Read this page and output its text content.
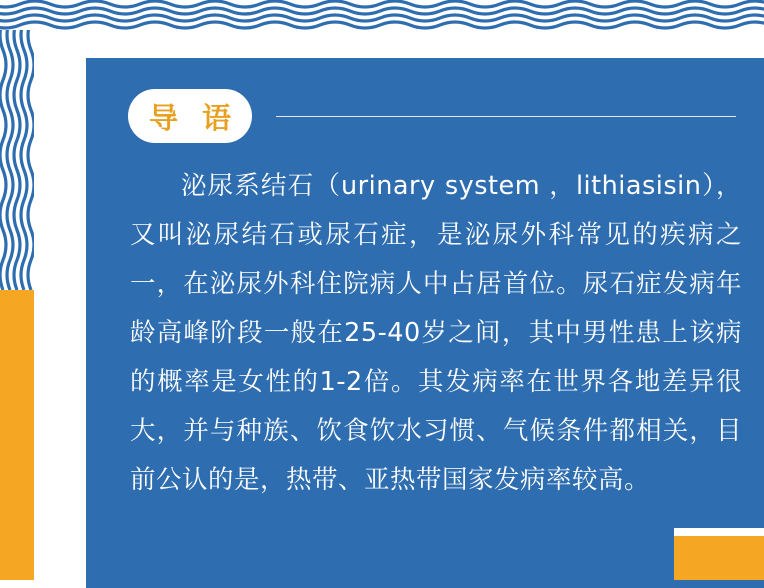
导 语
泌尿系结石（urinary system ，lithiasisin），又叫泌尿结石或尿石症，是泌尿外科常见的疾病之一，在泌尿外科住院病人中占居首位。尿石症发病年龄高峰阶段一般在25-40岁之间，其中男性患上该病的概率是女性的1-2倍。其发病率在世界各地差异很大，并与种族、饮食饮水习惯、气候条件都相关，目前公认的是，热带、亚热带国家发病率较高。
